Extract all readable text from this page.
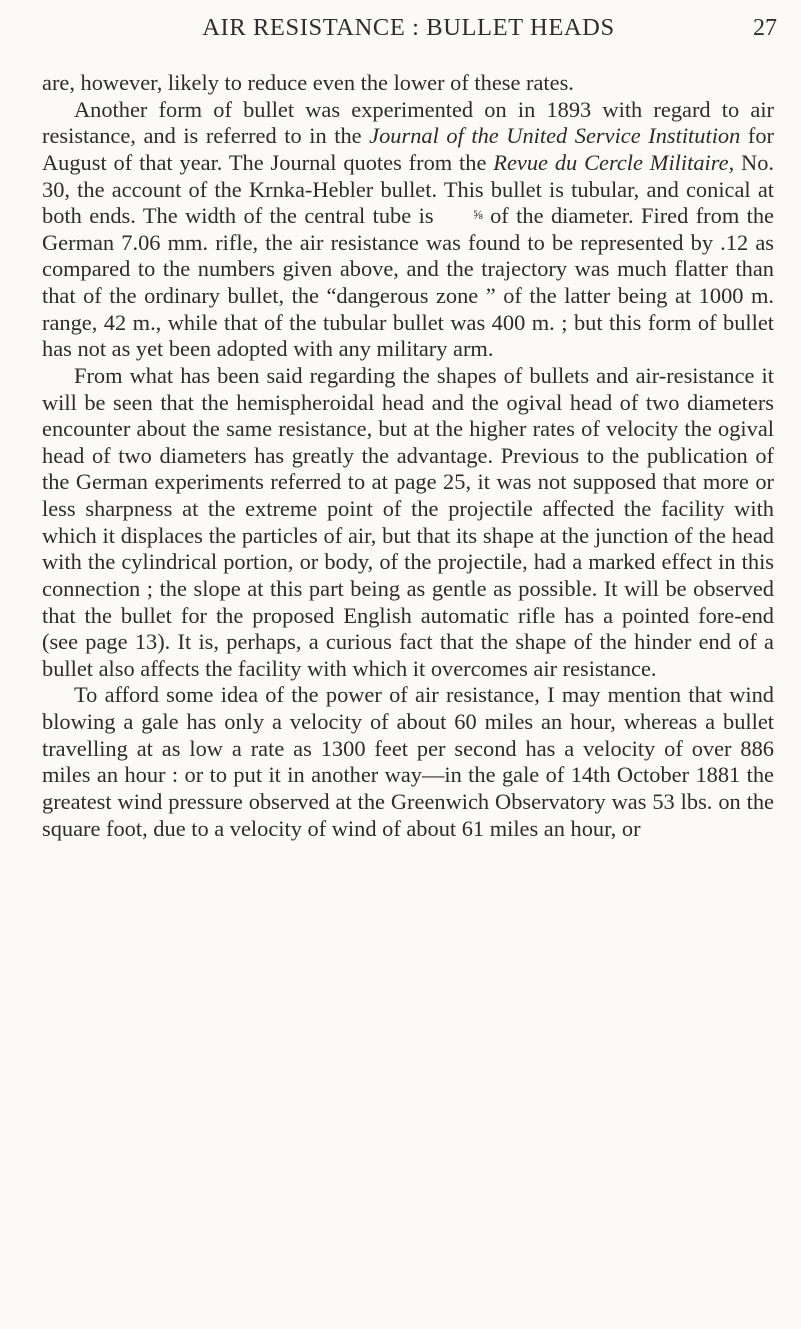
AIR RESISTANCE : BULLET HEADS	27

are, however, likely to reduce even the lower of these rates.

Another form of bullet was experimented on in 1893 with regard to air resistance, and is referred to in the Journal of the United Service Institution for August of that year. The Journal quotes from the Revue du Cercle Militaire, No. 30, the account of the Krnka-Hebler bullet. This bullet is tubular, and conical at both ends. The width of the central tube is ⅝ of the diameter. Fired from the German 7.06 mm. rifle, the air resistance was found to be represented by .12 as compared to the numbers given above, and the trajectory was much flatter than that of the ordinary bullet, the “dangerous zone ” of the latter being at 1000 m. range, 42 m., while that of the tubular bullet was 400 m. ; but this form of bullet has not as yet been adopted with any military arm.

From what has been said regarding the shapes of bullets and air-resistance it will be seen that the hemispheroidal head and the ogival head of two diameters encounter about the same resistance, but at the higher rates of velocity the ogival head of two diameters has greatly the advantage. Previous to the publication of the German experiments referred to at page 25, it was not supposed that more or less sharpness at the extreme point of the projectile affected the facility with which it displaces the particles of air, but that its shape at the junction of the head with the cylindrical portion, or body, of the projectile, had a marked effect in this connection ; the slope at this part being as gentle as possible. It will be observed that the bullet for the proposed English automatic rifle has a pointed fore-end (see page 13). It is, perhaps, a curious fact that the shape of the hinder end of a bullet also affects the facility with which it overcomes air resistance.

To afford some idea of the power of air resistance, I may mention that wind blowing a gale has only a velocity of about 60 miles an hour, whereas a bullet travelling at as low a rate as 1300 feet per second has a velocity of over 886 miles an hour : or to put it in another way—in the gale of 14th October 1881 the greatest wind pressure observed at the Greenwich Observatory was 53 lbs. on the square foot, due to a velocity of wind of about 61 miles an hour, or
